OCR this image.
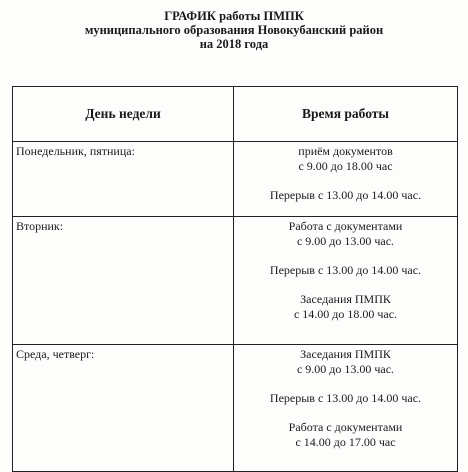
ГРАФИК работы ПМПК
муниципального образования Новокубанский район
на 2018 года
День недели	Время работы
Понедельник, пятница:	приём документов
с 9.00 до 18.00 час
Перерыв с 13.00 до 14.00 час.

Вторник:	Работа с документами
с 9.00 до 13.00 час.
Перерыв с 13.00 до 14.00 час.
Заседания ПМПК
с 14.00 до 18.00 час.

Среда, четверг:	Заседания ПМПК
с 9.00 до 13.00 час.
Перерыв с 13.00 до 14.00 час.
Работа с документами
с 14.00 до 17.00 час
